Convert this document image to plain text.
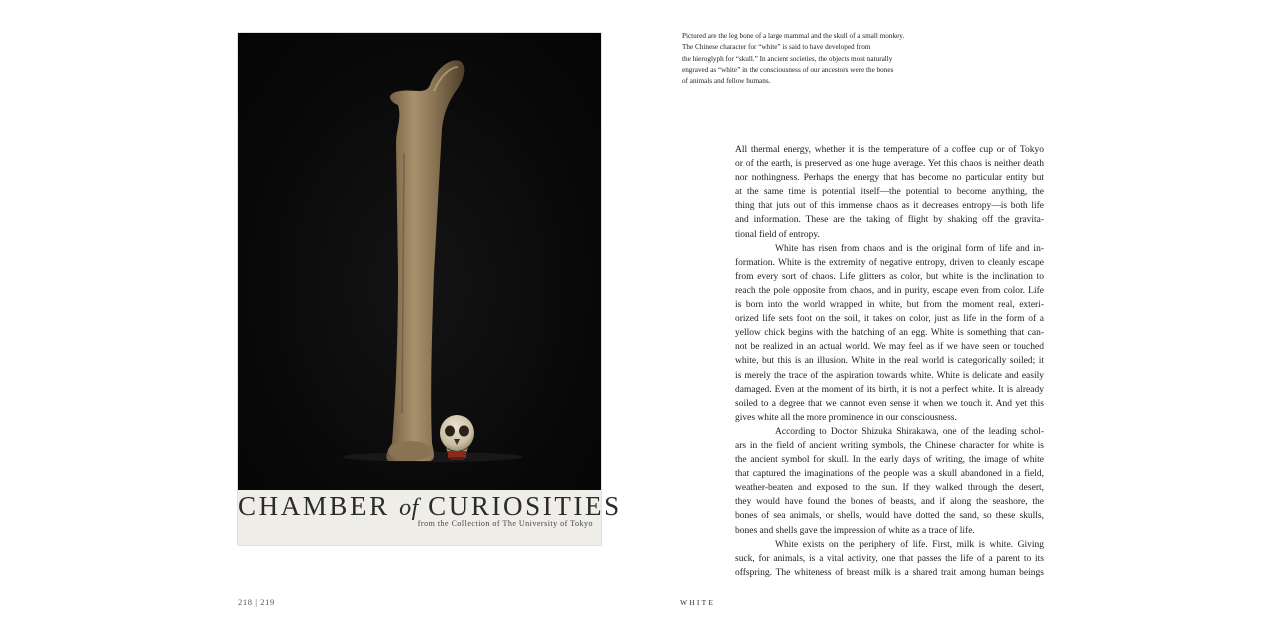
CHAMBER of CURIOSITIES
from the Collection of The University of Tokyo

Pictured are the leg bone of a large mammal and the skull of a small monkey.

The Chinese character for “white” is said to have developed from

the hieroglyph for “skull.” In ancient societies, the objects most naturally

engraved as “white” in the consciousness of our ancestors were the bones

of animals and fellow humans.

All thermal energy, whether it is the temperature of a coffee cup or of Tokyo
or of the earth, is preserved as one huge average. Yet this chaos is neither death
nor nothingness. Perhaps the energy that has become no particular entity but
at the same time is potential itself—the potential to become anything, the
thing that juts out of this immense chaos as it decreases entropy—is both life
and information. These are the taking of flight by shaking off the gravita-
tional field of entropy.
White has risen from chaos and is the original form of life and in-
formation. White is the extremity of negative entropy, driven to cleanly escape
from every sort of chaos. Life glitters as color, but white is the inclination to
reach the pole opposite from chaos, and in purity, escape even from color. Life
is born into the world wrapped in white, but from the moment real, exteri-
orized life sets foot on the soil, it takes on color, just as life in the form of a
yellow chick begins with the hatching of an egg. White is something that can-
not be realized in an actual world. We may feel as if we have seen or touched
white, but this is an illusion. White in the real world is categorically soiled; it
is merely the trace of the aspiration towards white. White is delicate and easily
damaged. Even at the moment of its birth, it is not a perfect white. It is already
soiled to a degree that we cannot even sense it when we touch it. And yet this
gives white all the more prominence in our consciousness.
According to Doctor Shizuka Shirakawa, one of the leading schol-
ars in the field of ancient writing symbols, the Chinese character for white is
the ancient symbol for skull. In the early days of writing, the image of white
that captured the imaginations of the people was a skull abandoned in a field,
weather-beaten and exposed to the sun. If they walked through the desert,
they would have found the bones of beasts, and if along the seashore, the
bones of sea animals, or shells, would have dotted the sand, so these skulls,
bones and shells gave the impression of white as a trace of life.
White exists on the periphery of life. First, milk is white. Giving
suck, for animals, is a vital activity, one that passes the life of a parent to its
offspring. The whiteness of breast milk is a shared trait among human beings
218 | 219	WHITE
